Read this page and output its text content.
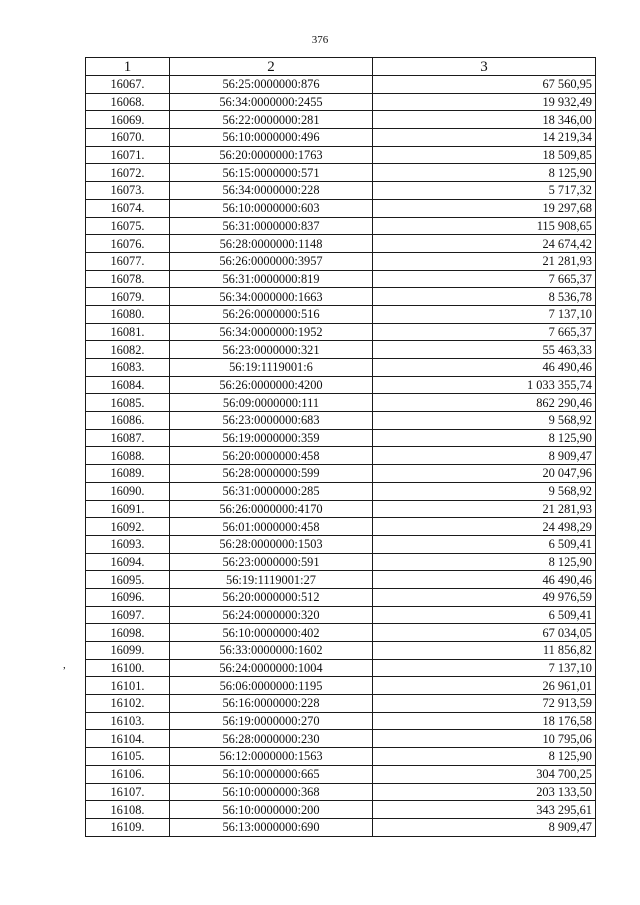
376
,
1	2	3
16067.	56:25:0000000:876	67 560,95
16068.	56:34:0000000:2455	19 932,49
16069.	56:22:0000000:281	18 346,00
16070.	56:10:0000000:496	14 219,34
16071.	56:20:0000000:1763	18 509,85
16072.	56:15:0000000:571	8 125,90
16073.	56:34:0000000:228	5 717,32
16074.	56:10:0000000:603	19 297,68
16075.	56:31:0000000:837	115 908,65
16076.	56:28:0000000:1148	24 674,42
16077.	56:26:0000000:3957	21 281,93
16078.	56:31:0000000:819	7 665,37
16079.	56:34:0000000:1663	8 536,78
16080.	56:26:0000000:516	7 137,10
16081.	56:34:0000000:1952	7 665,37
16082.	56:23:0000000:321	55 463,33
16083.	56:19:1119001:6	46 490,46
16084.	56:26:0000000:4200	1 033 355,74
16085.	56:09:0000000:111	862 290,46
16086.	56:23:0000000:683	9 568,92
16087.	56:19:0000000:359	8 125,90
16088.	56:20:0000000:458	8 909,47
16089.	56:28:0000000:599	20 047,96
16090.	56:31:0000000:285	9 568,92
16091.	56:26:0000000:4170	21 281,93
16092.	56:01:0000000:458	24 498,29
16093.	56:28:0000000:1503	6 509,41
16094.	56:23:0000000:591	8 125,90
16095.	56:19:1119001:27	46 490,46
16096.	56:20:0000000:512	49 976,59
16097.	56:24:0000000:320	6 509,41
16098.	56:10:0000000:402	67 034,05
16099.	56:33:0000000:1602	11 856,82
16100.	56:24:0000000:1004	7 137,10
16101.	56:06:0000000:1195	26 961,01
16102.	56:16:0000000:228	72 913,59
16103.	56:19:0000000:270	18 176,58
16104.	56:28:0000000:230	10 795,06
16105.	56:12:0000000:1563	8 125,90
16106.	56:10:0000000:665	304 700,25
16107.	56:10:0000000:368	203 133,50
16108.	56:10:0000000:200	343 295,61
16109.	56:13:0000000:690	8 909,47
